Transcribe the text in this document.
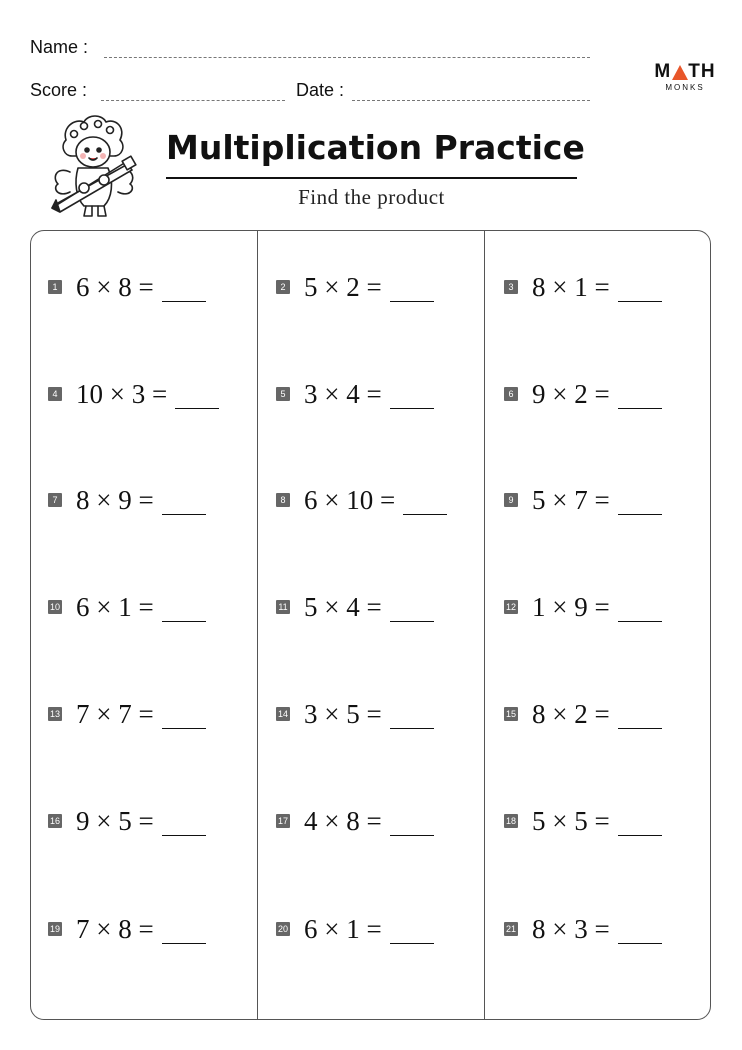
Name :
Score :	Date :
M TH
MONKS
Multiplication Practice
Find the product
1 6 × 8 =	2 5 × 2 =	3 8 × 1 =
4 10 × 3 =	5 3 × 4 =	6 9 × 2 =
7 8 × 9 =	8 6 × 10 =	9 5 × 7 =
10 6 × 1 =	11 5 × 4 =	12 1 × 9 =
13 7 × 7 =	14 3 × 5 =	15 8 × 2 =
16 9 × 5 =	17 4 × 8 =	18 5 × 5 =
19 7 × 8 =	20 6 × 1 =	21 8 × 3 =
